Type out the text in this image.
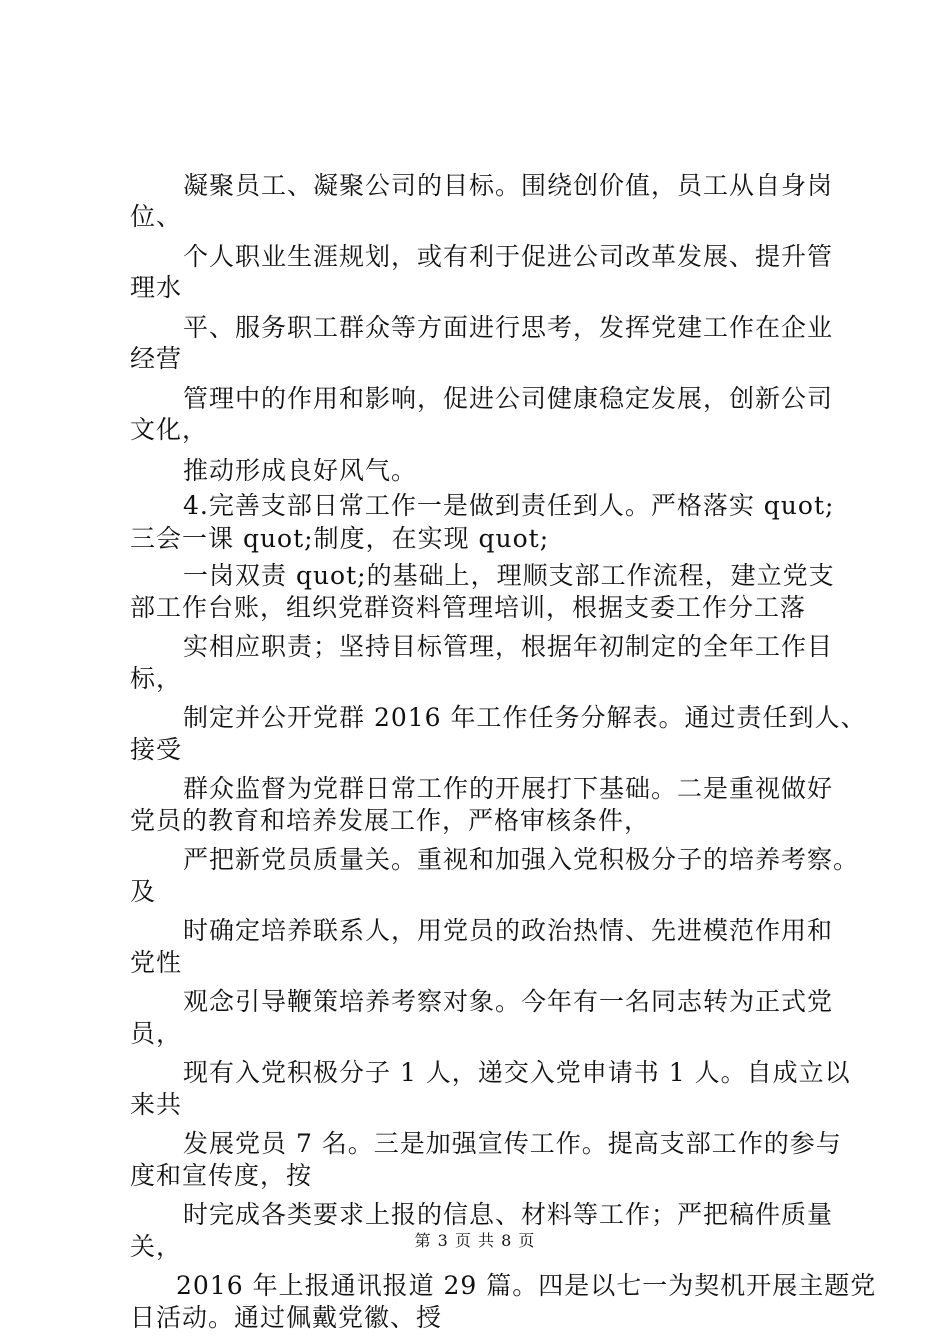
凝聚员工、凝聚公司的目标。围绕创价值，员工从自身岗
位、
个人职业生涯规划，或有利于促进公司改革发展、提升管
理水
平、服务职工群众等方面进行思考，发挥党建工作在企业
经营
管理中的作用和影响，促进公司健康稳定发展，创新公司
文化，
推动形成良好风气。
4.完善支部日常工作一是做到责任到人。严格落实 quot;
三会一课 quot;制度，在实现 quot;
一岗双责 quot;的基础上，理顺支部工作流程，建立党支
部工作台账，组织党群资料管理培训，根据支委工作分工落
实相应职责；坚持目标管理，根据年初制定的全年工作目
标，
制定并公开党群 2016 年工作任务分解表。通过责任到人、
接受
群众监督为党群日常工作的开展打下基础。二是重视做好
党员的教育和培养发展工作，严格审核条件，
严把新党员质量关。重视和加强入党积极分子的培养考察。
及
时确定培养联系人，用党员的政治热情、先进模范作用和
党性
观念引导鞭策培养考察对象。今年有一名同志转为正式党
员，
现有入党积极分子 1 人，递交入党申请书 1 人。自成立以
来共
发展党员 7 名。三是加强宣传工作。提高支部工作的参与
度和宣传度，按
时完成各类要求上报的信息、材料等工作；严把稿件质量
关，
2016 年上报通讯报道 29 篇。四是以七一为契机开展主题党
日活动。通过佩戴党徽、授
第 3 页 共 8 页
